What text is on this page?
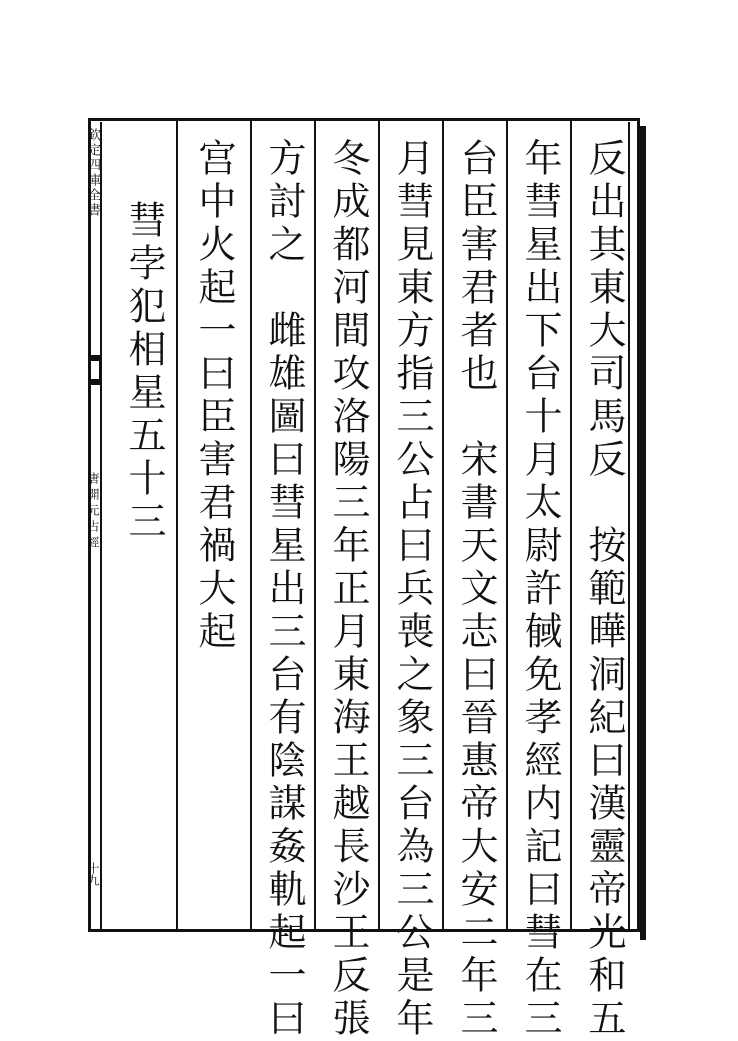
反出其東大司馬反　按範曄洞紀曰漢靈帝光和五
年彗星出下台十月太尉許戫免孝經内記曰彗在三
台臣害君者也　宋書天文志曰晉惠帝大安二年三
月彗見東方指三公占曰兵喪之象三台為三公是年
冬成都河間攻洛陽三年正月東海王越長沙王反張
方討之　雌雄圖曰彗星出三台有陰謀姦軌起一曰
宫中火起一曰臣害君禍大起
彗孛犯相星五十三
欽定四庫全書
唐開元占經
十九
